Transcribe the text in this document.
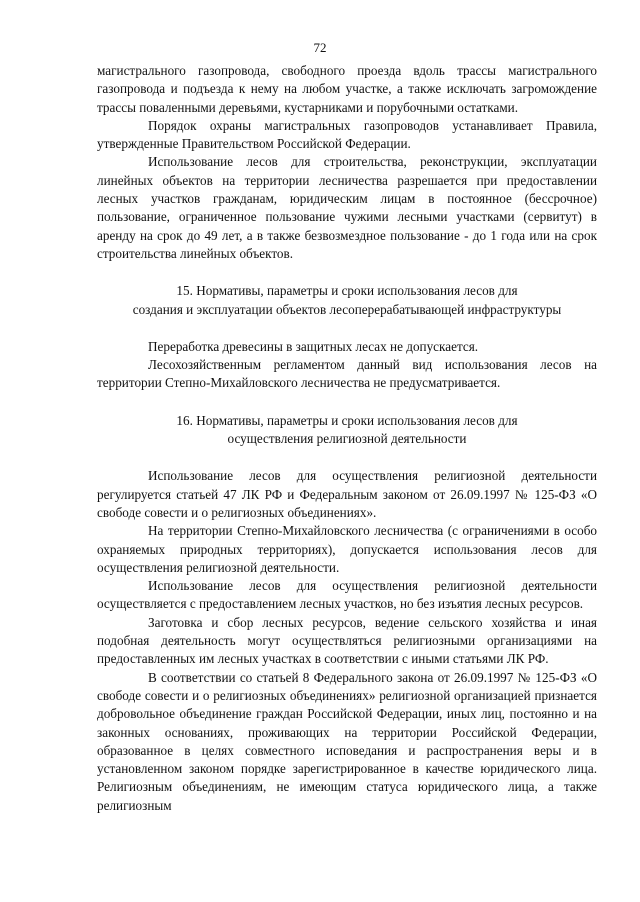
72

магистрального газопровода, свободного проезда вдоль трассы магистрального газопровода и подъезда к нему на любом участке, а также исключать загромождение трассы поваленными деревьями, кустарниками и порубочными остатками.

Порядок охраны магистральных газопроводов устанавливает Правила, утвержденные Правительством Российской Федерации.

Использование лесов для строительства, реконструкции, эксплуатации линейных объектов на территории лесничества разрешается при предоставлении лесных участков гражданам, юридическим лицам в постоянное (бессрочное) пользование, ограниченное пользование чужими лесными участками (сервитут) в аренду на срок до 49 лет, а в также безвозмездное пользование - до 1 года или на срок строительства линейных объектов.

15. Нормативы, параметры и сроки использования лесов для

создания и эксплуатации объектов лесоперерабатывающей инфраструктуры

Переработка древесины в защитных лесах не допускается.

Лесохозяйственным регламентом данный вид использования лесов на территории Степно-Михайловского лесничества не предусматривается.

16. Нормативы, параметры и сроки использования лесов для

осуществления религиозной деятельности

Использование лесов для осуществления религиозной деятельности регулируется статьей 47 ЛК РФ и Федеральным законом от 26.09.1997 № 125-ФЗ «О свободе совести и о религиозных объединениях».

На территории Степно-Михайловского лесничества (с ограничениями в особо охраняемых природных территориях), допускается использования лесов для осуществления религиозной деятельности.

Использование лесов для осуществления религиозной деятельности осуществляется с предоставлением лесных участков, но без изъятия лесных ресурсов.

Заготовка и сбор лесных ресурсов, ведение сельского хозяйства и иная подобная деятельность могут осуществляться религиозными организациями на предоставленных им лесных участках в соответствии с иными статьями ЛК РФ.

В соответствии со статьей 8 Федерального закона от 26.09.1997 № 125-ФЗ «О свободе совести и о религиозных объединениях» религиозной организацией признается добровольное объединение граждан Российской Федерации, иных лиц, постоянно и на законных основаниях, проживающих на территории Российской Федерации, образованное в целях совместного исповедания и распространения веры и в установленном законом порядке зарегистрированное в качестве юридического лица. Религиозным объединениям, не имеющим статуса юридического лица, а также религиозным
